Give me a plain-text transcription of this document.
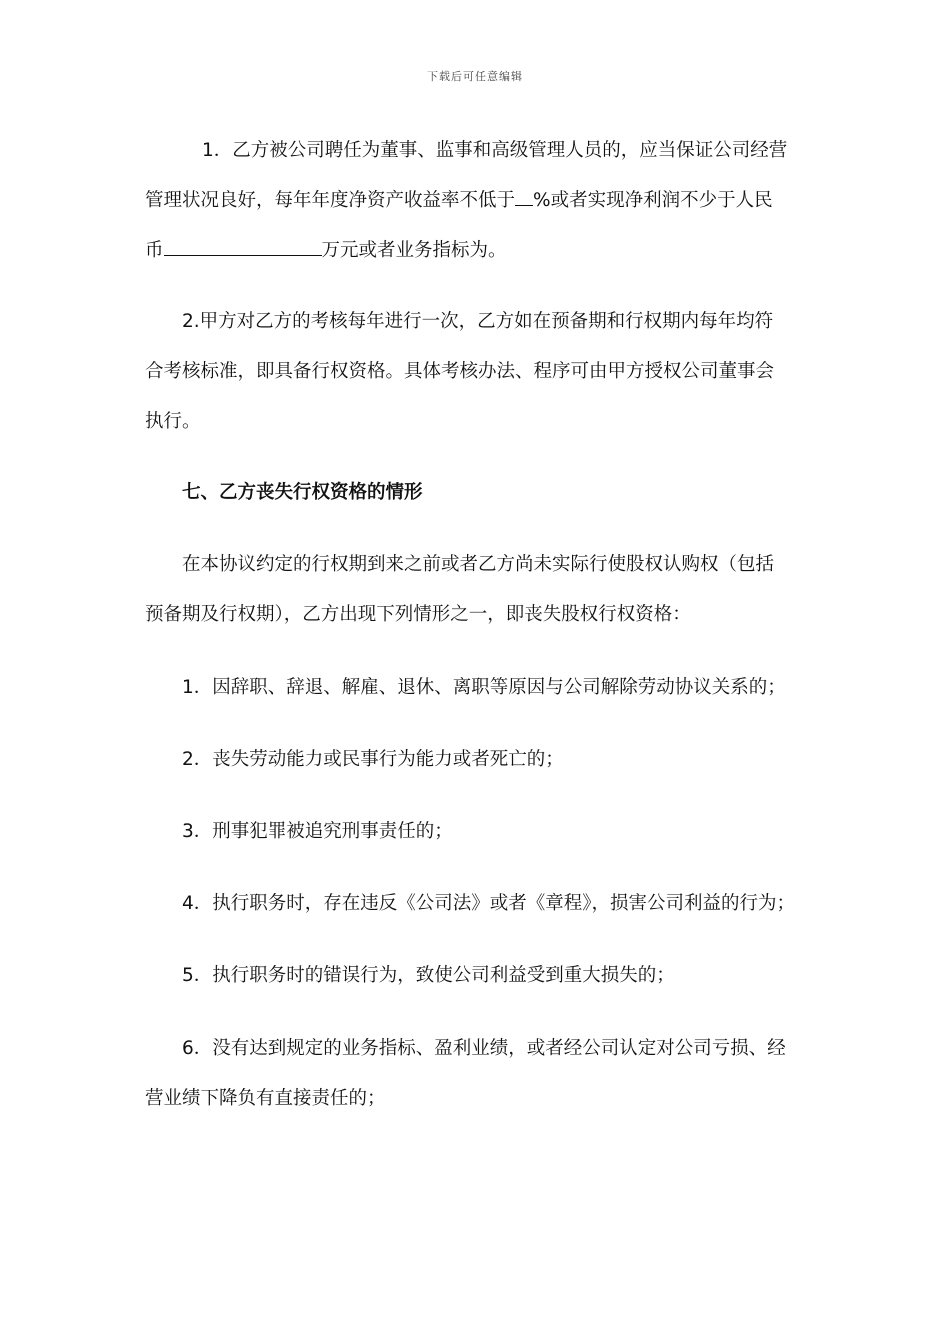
下载后可任意编辑
1．乙方被公司聘任为董事、监事和高级管理人员的，应当保证公司经营
管理状况良好，每年年度净资产收益率不低于 %或者实现净利润不少于人民
币	万元或者业务指标为。
2.甲方对乙方的考核每年进行一次，乙方如在预备期和行权期内每年均符
合考核标准，即具备行权资格。具体考核办法、程序可由甲方授权公司董事会
执行。
七、乙方丧失行权资格的情形
在本协议约定的行权期到来之前或者乙方尚未实际行使股权认购权（包括
预备期及行权期），乙方出现下列情形之一，即丧失股权行权资格：
1．因辞职、辞退、解雇、退休、离职等原因与公司解除劳动协议关系的；
2．丧失劳动能力或民事行为能力或者死亡的；
3．刑事犯罪被追究刑事责任的；
4．执行职务时，存在违反《公司法》或者《章程》，损害公司利益的行为；
5．执行职务时的错误行为，致使公司利益受到重大损失的；
6．没有达到规定的业务指标、盈利业绩，或者经公司认定对公司亏损、经
营业绩下降负有直接责任的；
